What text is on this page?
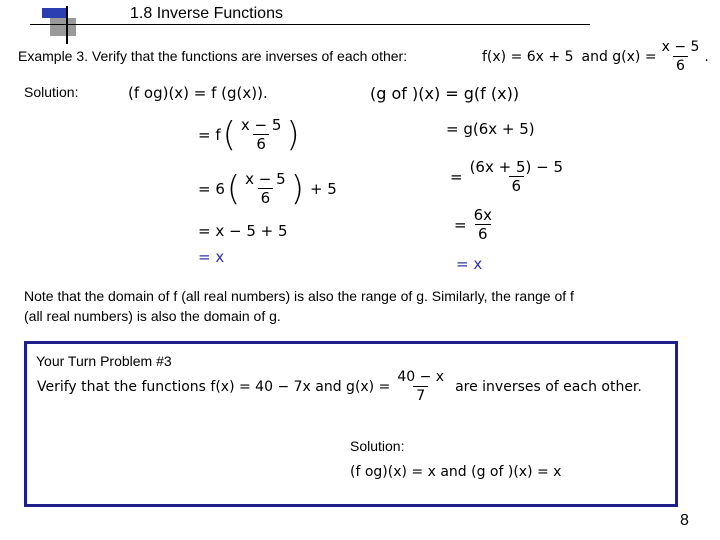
1.8 Inverse Functions
Example 3. Verify that the functions are inverses of each other:	f(x) = 6x + 5 and $g(x) = \frac{x - 5}{6}$ .
Solution:	(f og)(x) = f (g(x)).
= f ( $\frac{x - 5}{6}$ )
= 6 ( $\frac{x - 5}{6}$ ) + 5
= x − 5 + 5
= x
(g of )(x) = g(f (x))
= g(6x + 5)
= $\frac{(6x + 5) - 5}{6}$
= $\frac{6x}{6}$
= x
Note that the domain of f (all real numbers) is also the range of g. Similarly, the range of f
(all real numbers) is also the domain of g.
Your Turn Problem #3
Verify that the functions f(x) = 40 − 7x and $g(x) = \frac{40 - x}{7}$ are inverses of each other.
Solution:
(f og)(x) = x and (g of )(x) = x
8
